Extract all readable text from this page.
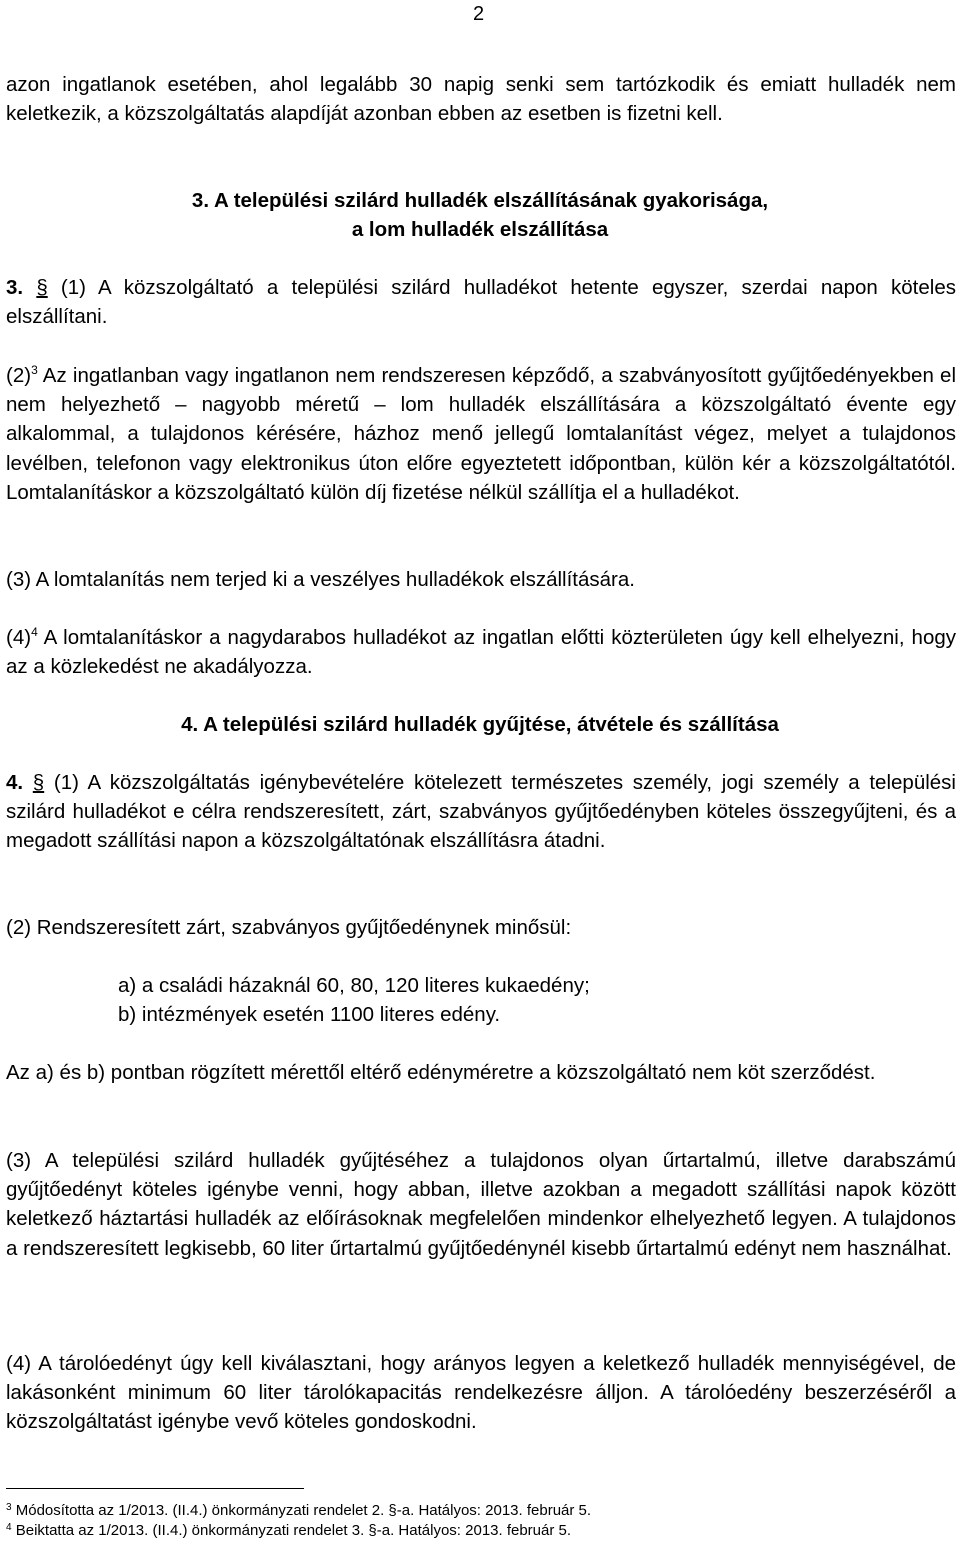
2

azon ingatlanok esetében, ahol legalább 30 napig senki sem tartózkodik és emiatt hulladék nem keletkezik, a közszolgáltatás alapdíját azonban ebben az esetben is fizetni kell.

3. A települési szilárd hulladék elszállításának gyakorisága,

a lom hulladék elszállítása

3. § (1) A közszolgáltató a települési szilárd hulladékot hetente egyszer, szerdai napon köteles elszállítani.

$(2)^3$ Az ingatlanban vagy ingatlanon nem rendszeresen képződő, a szabványosított gyűjtőedényekben el nem helyezhető – nagyobb méretű – lom hulladék elszállítására a közszolgáltató évente egy alkalommal, a tulajdonos kérésére, házhoz menő jellegű lomtalanítást végez, melyet a tulajdonos levélben, telefonon vagy elektronikus úton előre egyeztetett időpontban, külön kér a közszolgáltatótól. Lomtalanításkor a közszolgáltató külön díj fizetése nélkül szállítja el a hulladékot.

(3) A lomtalanítás nem terjed ki a veszélyes hulladékok elszállítására.

$(4)^4$ A lomtalanításkor a nagydarabos hulladékot az ingatlan előtti közterületen úgy kell elhelyezni, hogy az a közlekedést ne akadályozza.

4. A települési szilárd hulladék gyűjtése, átvétele és szállítása

4. § (1) A közszolgáltatás igénybevételére kötelezett természetes személy, jogi személy a települési szilárd hulladékot e célra rendszeresített, zárt, szabványos gyűjtőedényben köteles összegyűjteni, és a megadott szállítási napon a közszolgáltatónak elszállításra átadni.

(2) Rendszeresített zárt, szabványos gyűjtőedénynek minősül:

a) a családi házaknál 60, 80, 120 literes kukaedény;

b) intézmények esetén 1100 literes edény.

Az a) és b) pontban rögzített mérettől eltérő edényméretre a közszolgáltató nem köt szerződést.

(3) A települési szilárd hulladék gyűjtéséhez a tulajdonos olyan űrtartalmú, illetve darabszámú gyűjtőedényt köteles igénybe venni, hogy abban, illetve azokban a megadott szállítási napok között keletkező háztartási hulladék az előírásoknak megfelelően mindenkor elhelyezhető legyen. A tulajdonos a rendszeresített legkisebb, 60 liter űrtartalmú gyűjtőedénynél kisebb űrtartalmú edényt nem használhat.

(4) A tárolóedényt úgy kell kiválasztani, hogy arányos legyen a keletkező hulladék mennyiségével, de lakásonként minimum 60 liter tárolókapacitás rendelkezésre álljon. A tárolóedény beszerzéséről a közszolgáltatást igénybe vevő köteles gondoskodni.

$^3$ Módosította az 1/2013. (II.4.) önkormányzati rendelet 2. §-a. Hatályos: 2013. február 5.

$^4$ Beiktatta az 1/2013. (II.4.) önkormányzati rendelet 3. §-a. Hatályos: 2013. február 5.
